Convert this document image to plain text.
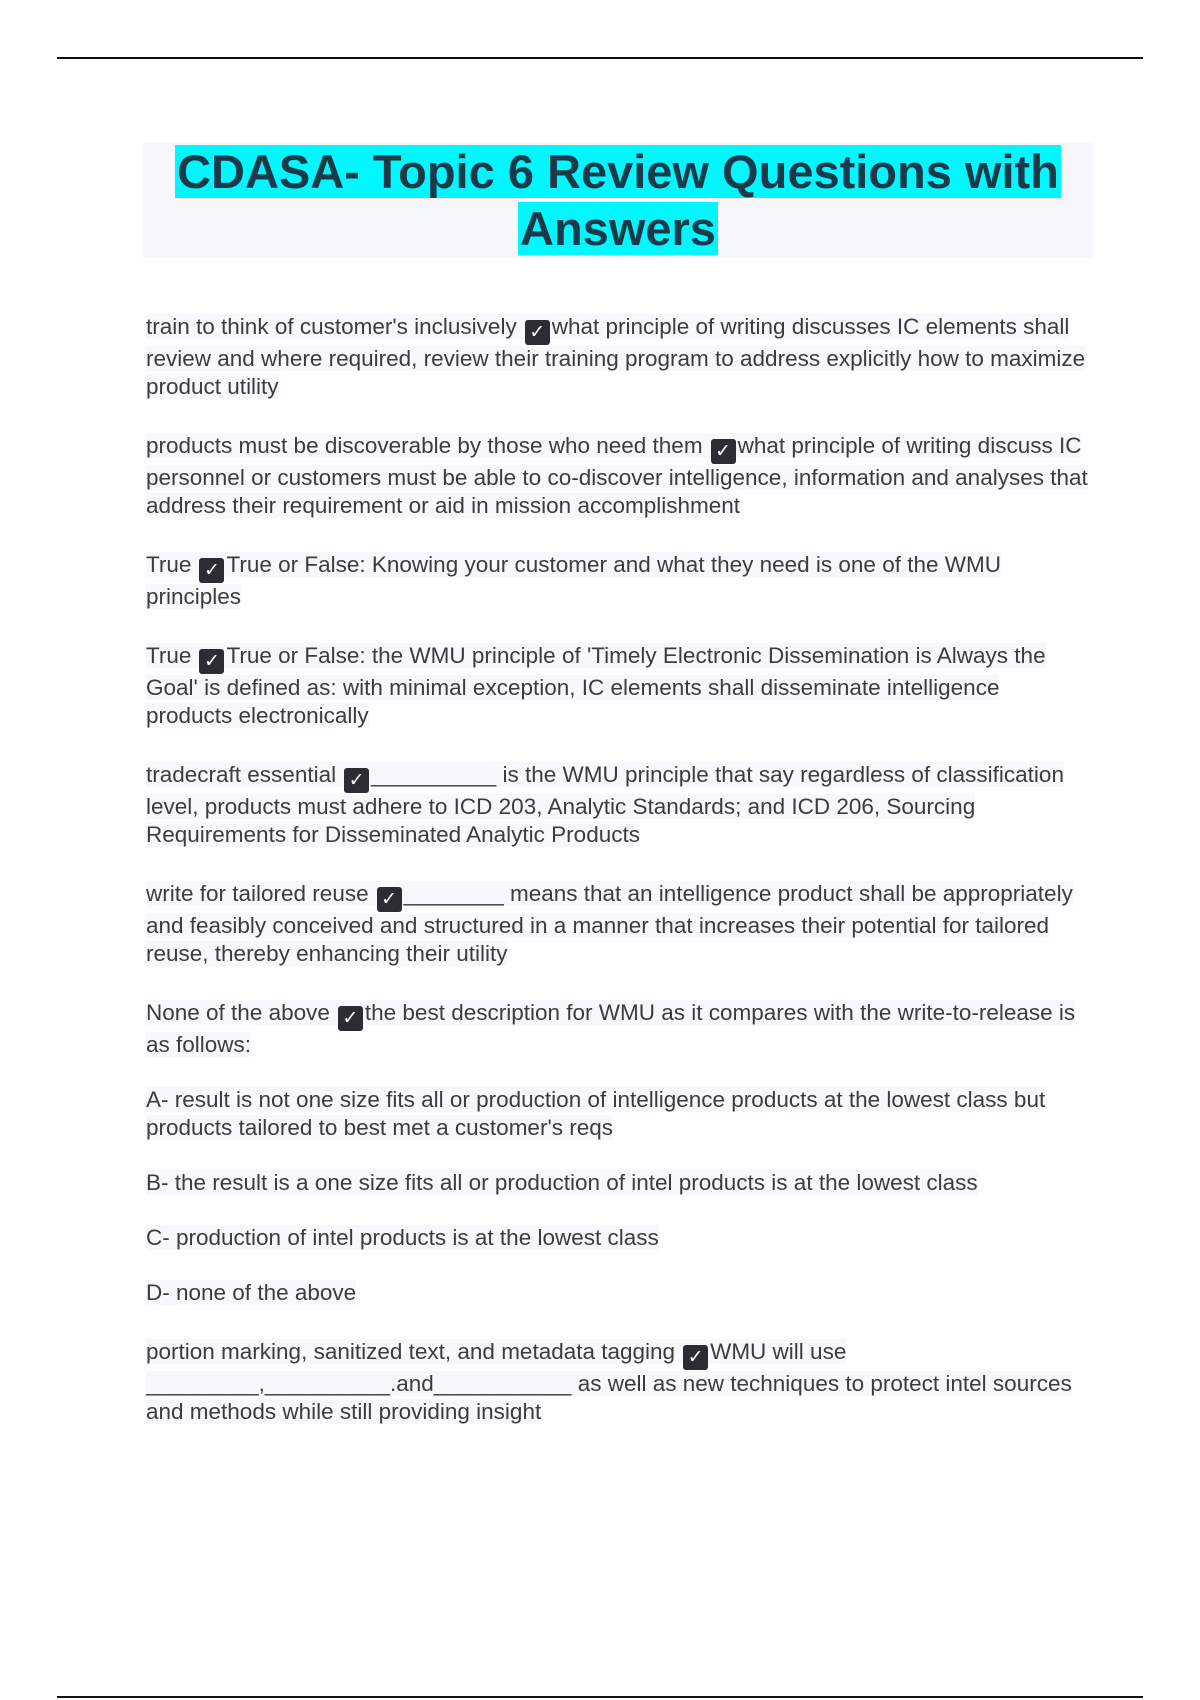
CDASA- Topic 6 Review Questions with
Answers

train to think of customer's inclusively ✓ what principle of writing discusses IC elements shall review and where required, review their training program to address explicitly how to maximize product utility

products must be discoverable by those who need them ✓ what principle of writing discuss IC personnel or customers must be able to co-discover intelligence, information and analyses that address their requirement or aid in mission accomplishment

True ✓ True or False: Knowing your customer and what they need is one of the WMU principles

True ✓ True or False: the WMU principle of 'Timely Electronic Dissemination is Always the Goal' is defined as: with minimal exception, IC elements shall disseminate intelligence products electronically

tradecraft essential ✓ __________ is the WMU principle that say regardless of classification level, products must adhere to ICD 203, Analytic Standards; and ICD 206, Sourcing Requirements for Disseminated Analytic Products

write for tailored reuse ✓ ________ means that an intelligence product shall be appropriately and feasibly conceived and structured in a manner that increases their potential for tailored reuse, thereby enhancing their utility

None of the above ✓ the best description for WMU as it compares with the write-to-release is as follows:

A- result is not one size fits all or production of intelligence products at the lowest class but products tailored to best met a customer's reqs

B- the result is a one size fits all or production of intel products is at the lowest class

C- production of intel products is at the lowest class

D- none of the above

portion marking, sanitized text, and metadata tagging ✓ WMU will use _________,__________.and___________ as well as new techniques to protect intel sources and methods while still providing insight
